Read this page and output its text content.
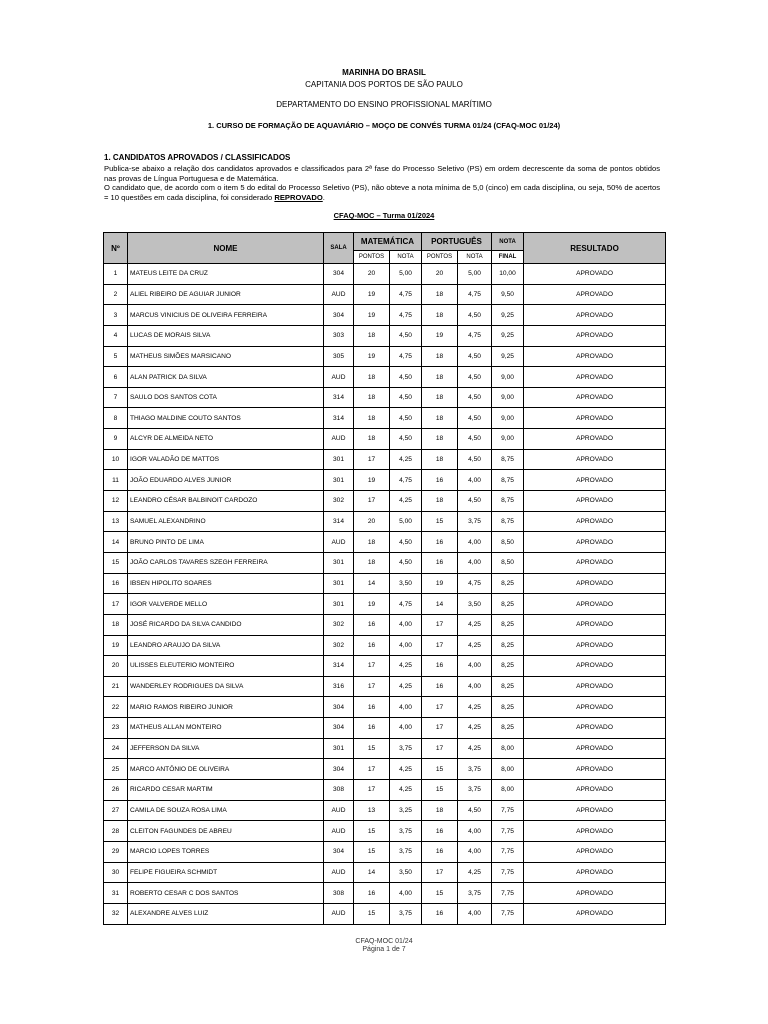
MARINHA DO BRASIL
CAPITANIA DOS PORTOS DE SÃO PAULO
DEPARTAMENTO DO ENSINO PROFISSIONAL MARÍTIMO
1. CURSO DE FORMAÇÃO DE AQUAVIÁRIO – MOÇO DE CONVÉS TURMA 01/24 (CFAQ-MOC 01/24)
1. CANDIDATOS APROVADOS / CLASSIFICADOS
Publica-se abaixo a relação dos candidatos aprovados e classificados para 2ª fase do Processo Seletivo (PS) em ordem decrescente da soma de pontos obtidos nas provas de Língua Portuguesa e de Matemática.
O candidato que, de acordo com o item 5 do edital do Processo Seletivo (PS), não obteve a nota mínima de 5,0 (cinco) em cada disciplina, ou seja, 50% de acertos = 10 questões em cada disciplina, foi considerado REPROVADO.
CFAQ-MOC – Turma 01/2024
Nº	NOME	SALA	MATEMÁTICA		PORTUGUÊS		NOTA	RESULTADO
			PONTOS	NOTA	PONTOS	NOTA	FINAL	
1	MATEUS LEITE DA CRUZ	304	20	5,00	20	5,00	10,00	APROVADO
2	ALIEL RIBEIRO DE AGUIAR JUNIOR	AUD	19	4,75	18	4,75	9,50	APROVADO
3	MARCUS VINICIUS DE OLIVEIRA FERREIRA	304	19	4,75	18	4,50	9,25	APROVADO
4	LUCAS DE MORAIS SILVA	303	18	4,50	19	4,75	9,25	APROVADO
5	MATHEUS SIMÕES MARSICANO	305	19	4,75	18	4,50	9,25	APROVADO
6	ALAN PATRICK DA SILVA	AUD	18	4,50	18	4,50	9,00	APROVADO
7	SAULO DOS SANTOS COTA	314	18	4,50	18	4,50	9,00	APROVADO
8	THIAGO MALDINE COUTO SANTOS	314	18	4,50	18	4,50	9,00	APROVADO
9	ALCYR DE ALMEIDA NETO	AUD	18	4,50	18	4,50	9,00	APROVADO
10	IGOR VALADÃO DE MATTOS	301	17	4,25	18	4,50	8,75	APROVADO
11	JOÃO EDUARDO ALVES JUNIOR	301	19	4,75	16	4,00	8,75	APROVADO
12	LEANDRO CÉSAR BALBINOIT CARDOZO	302	17	4,25	18	4,50	8,75	APROVADO
13	SAMUEL ALEXANDRINO	314	20	5,00	15	3,75	8,75	APROVADO
14	BRUNO PINTO DE LIMA	AUD	18	4,50	16	4,00	8,50	APROVADO
15	JOÃO CARLOS TAVARES SZEGH FERREIRA	301	18	4,50	16	4,00	8,50	APROVADO
16	IBSEN HIPOLITO SOARES	301	14	3,50	19	4,75	8,25	APROVADO
17	IGOR VALVERDE MELLO	301	19	4,75	14	3,50	8,25	APROVADO
18	JOSÉ RICARDO DA SILVA CANDIDO	302	16	4,00	17	4,25	8,25	APROVADO
19	LEANDRO ARAUJO DA SILVA	302	16	4,00	17	4,25	8,25	APROVADO
20	ULISSES ELEUTERIO MONTEIRO	314	17	4,25	16	4,00	8,25	APROVADO
21	WANDERLEY RODRIGUES DA SILVA	316	17	4,25	16	4,00	8,25	APROVADO
22	MARIO RAMOS RIBEIRO JUNIOR	304	16	4,00	17	4,25	8,25	APROVADO
23	MATHEUS ALLAN MONTEIRO	304	16	4,00	17	4,25	8,25	APROVADO
24	JEFFERSON DA SILVA	301	15	3,75	17	4,25	8,00	APROVADO
25	MARCO ANTÔNIO DE OLIVEIRA	304	17	4,25	15	3,75	8,00	APROVADO
26	RICARDO CESAR MARTIM	308	17	4,25	15	3,75	8,00	APROVADO
27	CAMILA DE SOUZA ROSA LIMA	AUD	13	3,25	18	4,50	7,75	APROVADO
28	CLEITON FAGUNDES DE ABREU	AUD	15	3,75	16	4,00	7,75	APROVADO
29	MARCIO LOPES TORRES	304	15	3,75	16	4,00	7,75	APROVADO
30	FELIPE FIGUEIRA SCHMIDT	AUD	14	3,50	17	4,25	7,75	APROVADO
31	ROBERTO CESAR C DOS SANTOS	308	16	4,00	15	3,75	7,75	APROVADO
32	ALEXANDRE ALVES LUIZ	AUD	15	3,75	16	4,00	7,75	APROVADO
CFAQ-MOC 01/24
Página 1 de 7
